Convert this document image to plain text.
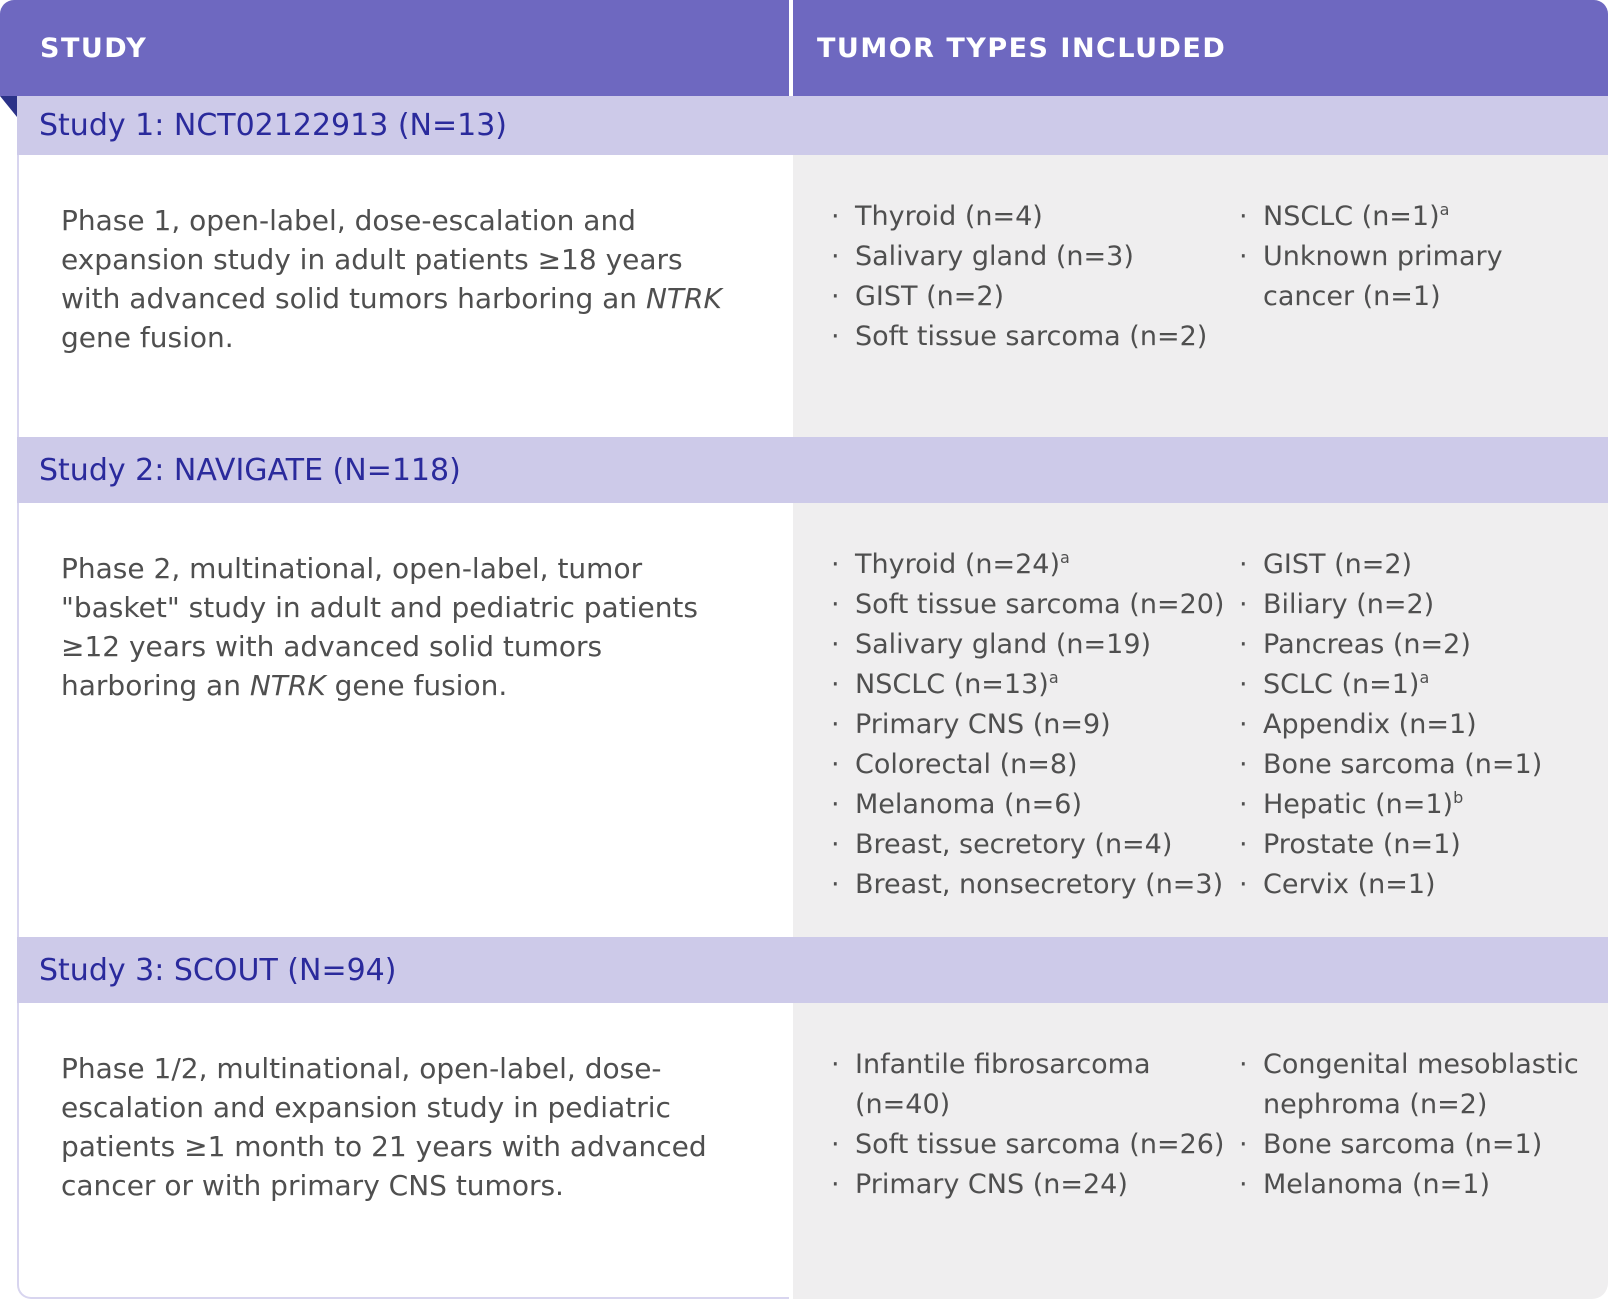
STUDY	TUMOR TYPES INCLUDED
Study 1: NCT02122913 (N=13)

Phase 1, open-label, dose-escalation and expansion study in adult patients ≥18 years with advanced solid tumors harboring an NTRK gene fusion.

· Thyroid (n=4)
· Salivary gland (n=3)
· GIST (n=2)
· Soft tissue sarcoma (n=2)
· NSCLC (n=1)$^a$
· Unknown primary cancer (n=1)
Study 2: NAVIGATE (N=118)

Phase 2, multinational, open-label, tumor "basket" study in adult and pediatric patients ≥12 years with advanced solid tumors harboring an NTRK gene fusion.

· Thyroid (n=24)$^a$
· Soft tissue sarcoma (n=20)
· Salivary gland (n=19)
· NSCLC (n=13)$^a$
· Primary CNS (n=9)
· Colorectal (n=8)
· Melanoma (n=6)
· Breast, secretory (n=4)
· Breast, nonsecretory (n=3)
· GIST (n=2)
· Biliary (n=2)
· Pancreas (n=2)
· SCLC (n=1)$^a$
· Appendix (n=1)
· Bone sarcoma (n=1)
· Hepatic (n=1)$^b$
· Prostate (n=1)
· Cervix (n=1)
Study 3: SCOUT (N=94)

Phase 1/2, multinational, open-label, dose-escalation and expansion study in pediatric patients ≥1 month to 21 years with advanced cancer or with primary CNS tumors.

· Infantile fibrosarcoma (n=40)
· Soft tissue sarcoma (n=26)
· Primary CNS (n=24)
· Congenital mesoblastic nephroma (n=2)
· Bone sarcoma (n=1)
· Melanoma (n=1)
